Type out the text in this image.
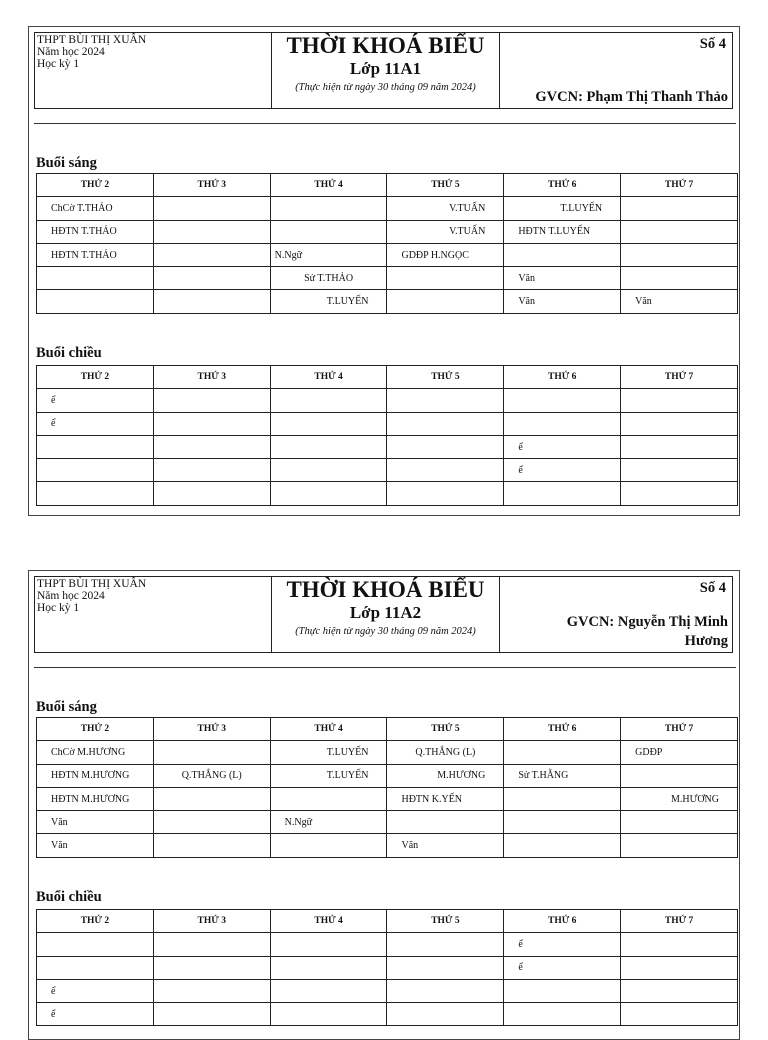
THPT BÙI THỊ XUÂN
Năm học 2024
Học kỳ 1

THỜI KHOÁ BIỂU
Lớp 11A1
(Thực hiện từ ngày 30 tháng 09 năm 2024)

Số 4
GVCN: Phạm Thị Thanh Thảo
Buổi sáng
THỨ 2	THỨ 3	THỨ 4	THỨ 5	THỨ 6	THỨ 7
ChCờ T.THẢO			V.TUẤN	T.LUYẾN	
HĐTN T.THẢO			V.TUẤN	HĐTN T.LUYẾN	
HĐTN T.THẢO		N.Ngữ	GDĐP H.NGỌC		
		Sử T.THẢO		Văn	
		T.LUYẾN		Văn	Văn
Buổi chiều
THỨ 2	THỨ 3	THỨ 4	THỨ 5	THỨ 6	THỨ 7
ể					
ể					
				ể	
				ể	

THPT BÙI THỊ XUÂN
Năm học 2024
Học kỳ 1

THỜI KHOÁ BIỂU
Lớp 11A2
(Thực hiện từ ngày 30 tháng 09 năm 2024)

Số 4
GVCN: Nguyễn Thị Minh Hương
Buổi sáng
THỨ 2	THỨ 3	THỨ 4	THỨ 5	THỨ 6	THỨ 7
ChCờ M.HƯƠNG		T.LUYẾN	Q.THẮNG (L)		GDĐP
HĐTN M.HƯƠNG	Q.THẮNG (L)	T.LUYẾN	M.HƯƠNG	Sử T.HẰNG	
HĐTN M.HƯƠNG			HĐTN K.YẾN		M.HƯƠNG
Văn		N.Ngữ			
Văn			Văn		
Buổi chiều
THỨ 2	THỨ 3	THỨ 4	THỨ 5	THỨ 6	THỨ 7
				ể	
				ể	
ể					
ể					
